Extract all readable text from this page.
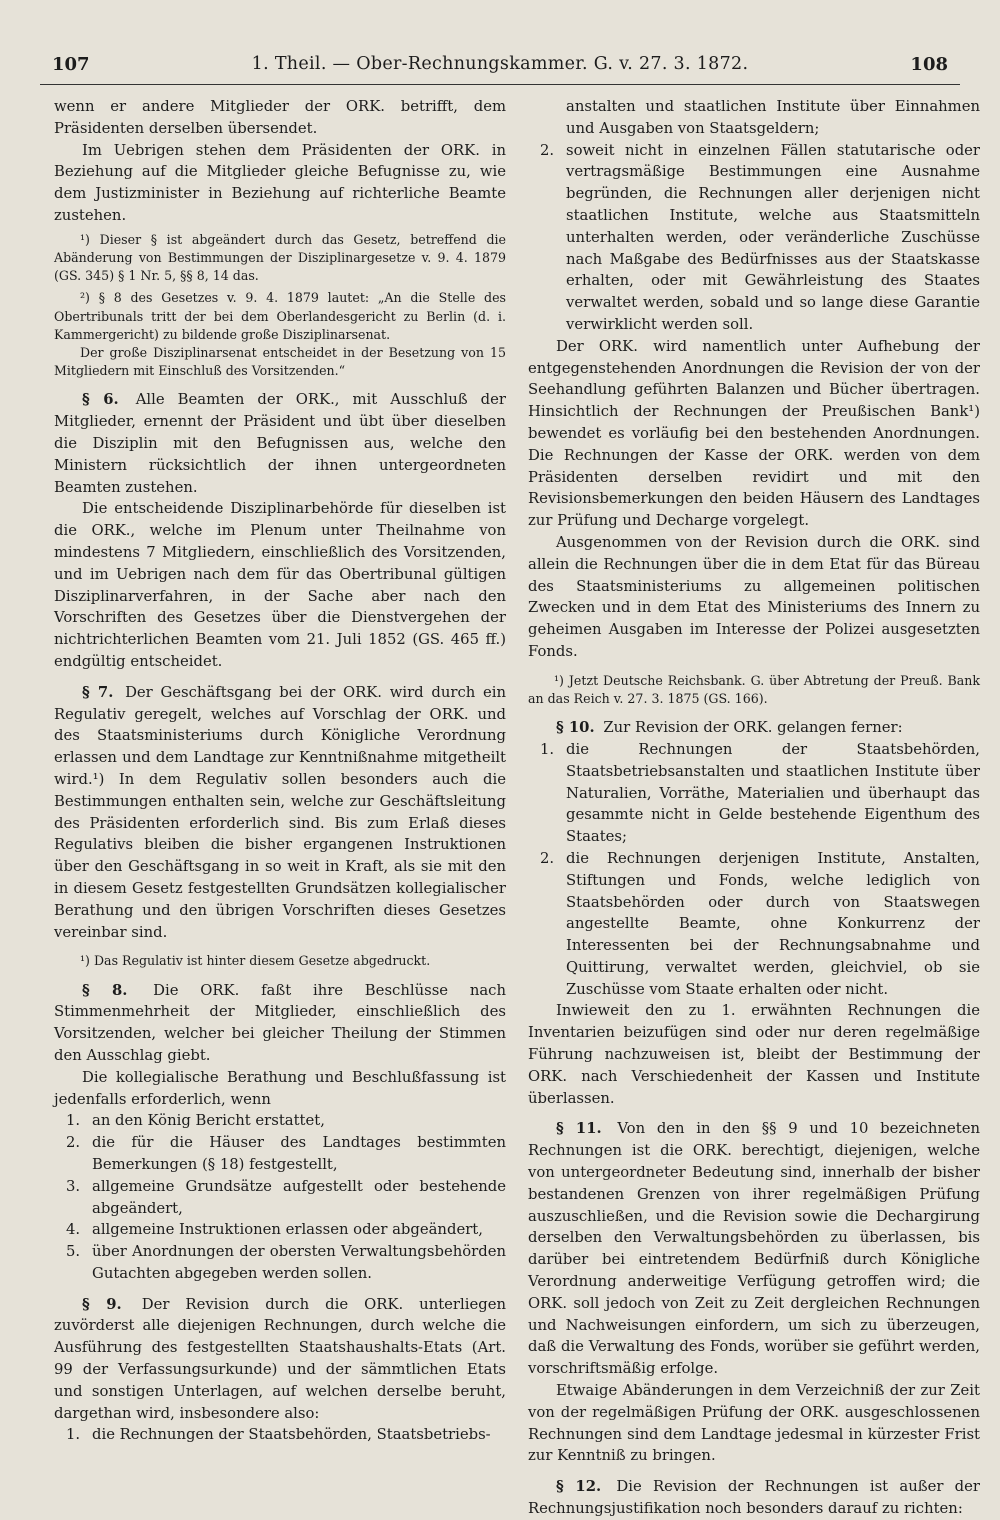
107	1. Theil. — Ober-Rechnungskammer. G. v. 27. 3. 1872.	108

wenn er andere Mitglieder der ORK. betrifft, dem Präsidenten derselben übersendet.

Im Uebrigen stehen dem Präsidenten der ORK. in Beziehung auf die Mitglieder gleiche Befugnisse zu, wie dem Justizminister in Beziehung auf richterliche Beamte zustehen.

¹) Dieser § ist abgeändert durch das Gesetz, betreffend die Abänderung von Bestimmungen der Disziplinargesetze v. 9. 4. 1879 (GS. 345) § 1 Nr. 5, §§ 8, 14 das.

²) § 8 des Gesetzes v. 9. 4. 1879 lautet: „An die Stelle des Obertribunals tritt der bei dem Oberlandesgericht zu Berlin (d. i. Kammergericht) zu bildende große Disziplinarsenat.

Der große Disziplinarsenat entscheidet in der Besetzung von 15 Mitgliedern mit Einschluß des Vorsitzenden.“

§ 6. Alle Beamten der ORK., mit Ausschluß der Mitglieder, ernennt der Präsident und übt über dieselben die Disziplin mit den Befugnissen aus, welche den Ministern rücksichtlich der ihnen untergeordneten Beamten zustehen.

Die entscheidende Disziplinarbehörde für dieselben ist die ORK., welche im Plenum unter Theilnahme von mindestens 7 Mitgliedern, einschließlich des Vorsitzenden, und im Uebrigen nach dem für das Obertribunal gültigen Disziplinarverfahren, in der Sache aber nach den Vorschriften des Gesetzes über die Dienstvergehen der nichtrichterlichen Beamten vom 21. Juli 1852 (GS. 465 ff.) endgültig entscheidet.

§ 7. Der Geschäftsgang bei der ORK. wird durch ein Regulativ geregelt, welches auf Vorschlag der ORK. und des Staatsministeriums durch Königliche Verordnung erlassen und dem Landtage zur Kenntnißnahme mitgetheilt wird.¹) In dem Regulativ sollen besonders auch die Bestimmungen enthalten sein, welche zur Geschäftsleitung des Präsidenten erforderlich sind. Bis zum Erlaß dieses Regulativs bleiben die bisher ergangenen Instruktionen über den Geschäftsgang in so weit in Kraft, als sie mit den in diesem Gesetz festgestellten Grundsätzen kollegialischer Berathung und den übrigen Vorschriften dieses Gesetzes vereinbar sind.

¹) Das Regulativ ist hinter diesem Gesetze abgedruckt.

§ 8. Die ORK. faßt ihre Beschlüsse nach Stimmenmehrheit der Mitglieder, einschließlich des Vorsitzenden, welcher bei gleicher Theilung der Stimmen den Ausschlag giebt.

Die kollegialische Berathung und Beschlußfassung ist jedenfalls erforderlich, wenn

1. an den König Bericht erstattet,
2. die für die Häuser des Landtages bestimmten Bemerkungen (§ 18) festgestellt,
3. allgemeine Grundsätze aufgestellt oder bestehende abgeändert,
4. allgemeine Instruktionen erlassen oder abgeändert,
5. über Anordnungen der obersten Verwaltungsbehörden Gutachten abgegeben werden sollen.

§ 9. Der Revision durch die ORK. unterliegen zuvörderst alle diejenigen Rechnungen, durch welche die Ausführung des festgestellten Staatshaushalts-Etats (Art. 99 der Verfassungsurkunde) und der sämmtlichen Etats und sonstigen Unterlagen, auf welchen derselbe beruht, dargethan wird, insbesondere also:

1. die Rechnungen der Staatsbehörden, Staatsbetriebs-
anstalten und staatlichen Institute über Einnahmen und Ausgaben von Staatsgeldern;
2. soweit nicht in einzelnen Fällen statutarische oder vertragsmäßige Bestimmungen eine Ausnahme begründen, die Rechnungen aller derjenigen nicht staatlichen Institute, welche aus Staatsmitteln unterhalten werden, oder veränderliche Zuschüsse nach Maßgabe des Bedürfnisses aus der Staatskasse erhalten, oder mit Gewährleistung des Staates verwaltet werden, sobald und so lange diese Garantie verwirklicht werden soll.

Der ORK. wird namentlich unter Aufhebung der entgegenstehenden Anordnungen die Revision der von der Seehandlung geführten Balanzen und Bücher übertragen. Hinsichtlich der Rechnungen der Preußischen Bank¹) bewendet es vorläufig bei den bestehenden Anordnungen. Die Rechnungen der Kasse der ORK. werden von dem Präsidenten derselben revidirt und mit den Revisionsbemerkungen den beiden Häusern des Landtages zur Prüfung und Decharge vorgelegt.

Ausgenommen von der Revision durch die ORK. sind allein die Rechnungen über die in dem Etat für das Büreau des Staatsministeriums zu allgemeinen politischen Zwecken und in dem Etat des Ministeriums des Innern zu geheimen Ausgaben im Interesse der Polizei ausgesetzten Fonds.

¹) Jetzt Deutsche Reichsbank. G. über Abtretung der Preuß. Bank an das Reich v. 27. 3. 1875 (GS. 166).

§ 10. Zur Revision der ORK. gelangen ferner:

1. die Rechnungen der Staatsbehörden, Staatsbetriebsanstalten und staatlichen Institute über Naturalien, Vorräthe, Materialien und überhaupt das gesammte nicht in Gelde bestehende Eigenthum des Staates;
2. die Rechnungen derjenigen Institute, Anstalten, Stiftungen und Fonds, welche lediglich von Staatsbehörden oder durch von Staatswegen angestellte Beamte, ohne Konkurrenz der Interessenten bei der Rechnungsabnahme und Quittirung, verwaltet werden, gleichviel, ob sie Zuschüsse vom Staate erhalten oder nicht.

Inwieweit den zu 1. erwähnten Rechnungen die Inventarien beizufügen sind oder nur deren regelmäßige Führung nachzuweisen ist, bleibt der Bestimmung der ORK. nach Verschiedenheit der Kassen und Institute überlassen.

§ 11. Von den in den §§ 9 und 10 bezeichneten Rechnungen ist die ORK. berechtigt, diejenigen, welche von untergeordneter Bedeutung sind, innerhalb der bisher bestandenen Grenzen von ihrer regelmäßigen Prüfung auszuschließen, und die Revision sowie die Dechargirung derselben den Verwaltungsbehörden zu überlassen, bis darüber bei eintretendem Bedürfniß durch Königliche Verordnung anderweitige Verfügung getroffen wird; die ORK. soll jedoch von Zeit zu Zeit dergleichen Rechnungen und Nachweisungen einfordern, um sich zu überzeugen, daß die Verwaltung des Fonds, worüber sie geführt werden, vorschriftsmäßig erfolge.

Etwaige Abänderungen in dem Verzeichniß der zur Zeit von der regelmäßigen Prüfung der ORK. ausgeschlossenen Rechnungen sind dem Landtage jedesmal in kürzester Frist zur Kenntniß zu bringen.

§ 12. Die Revision der Rechnungen ist außer der Rechnungsjustifikation noch besonders darauf zu richten:
